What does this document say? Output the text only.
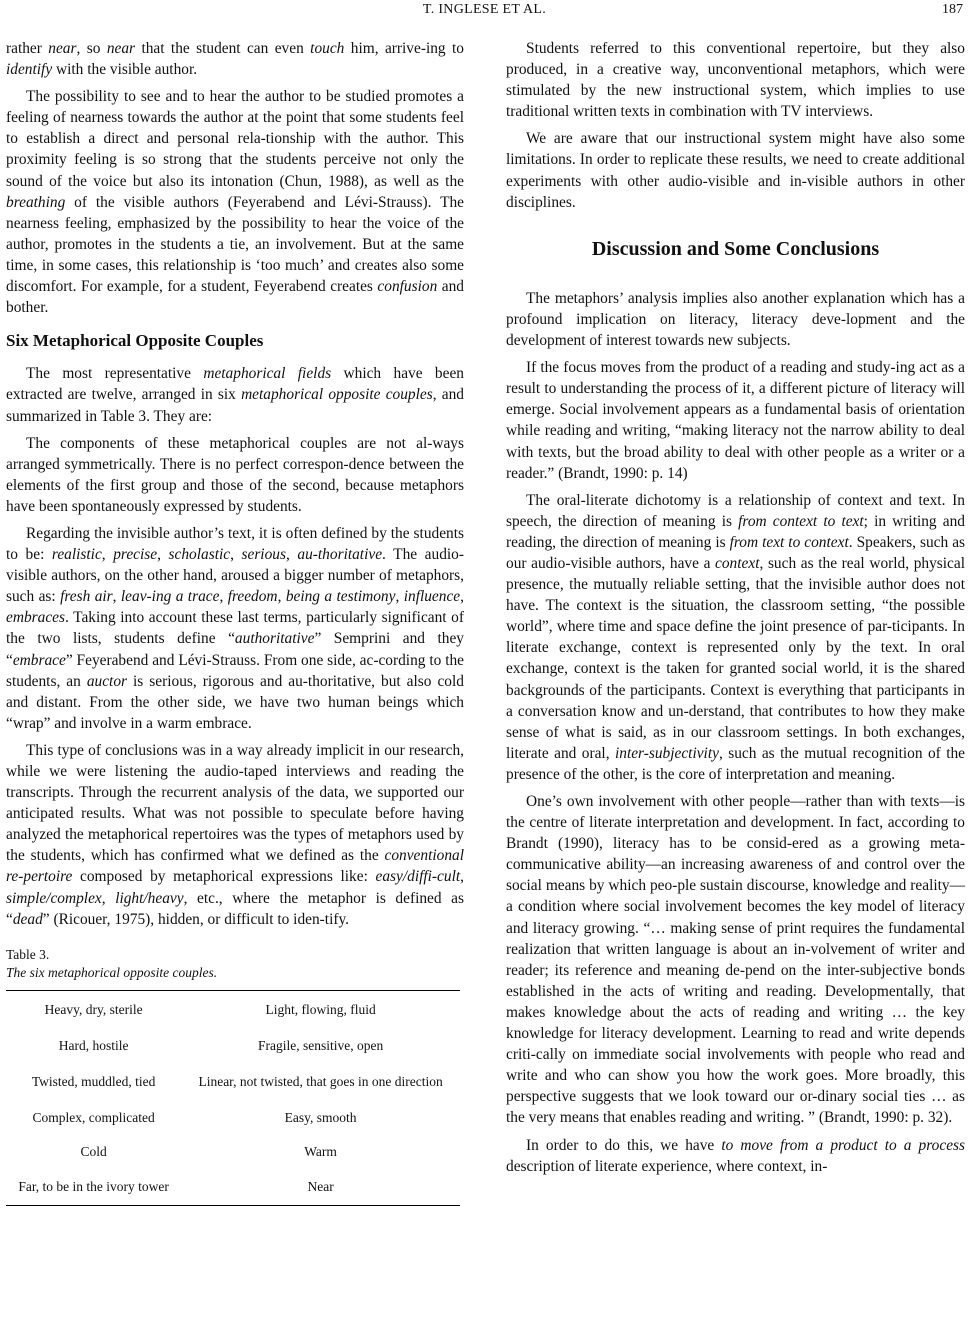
T. INGLESE ET AL.	187

rather near, so near that the student can even touch him, arrive-ing to identify with the visible author.

The possibility to see and to hear the author to be studied promotes a feeling of nearness towards the author at the point that some students feel to establish a direct and personal rela-tionship with the author. This proximity feeling is so strong that the students perceive not only the sound of the voice but also its intonation (Chun, 1988), as well as the breathing of the visible authors (Feyerabend and Lévi-Strauss). The nearness feeling, emphasized by the possibility to hear the voice of the author, promotes in the students a tie, an involvement. But at the same time, in some cases, this relationship is ‘too much’ and creates also some discomfort. For example, for a student, Feyerabend creates confusion and bother.

Six Metaphorical Opposite Couples

The most representative metaphorical fields which have been extracted are twelve, arranged in six metaphorical opposite couples, and summarized in Table 3. They are:

The components of these metaphorical couples are not al-ways arranged symmetrically. There is no perfect correspon-dence between the elements of the first group and those of the second, because metaphors have been spontaneously expressed by students.

Regarding the invisible author’s text, it is often defined by the students to be: realistic, precise, scholastic, serious, au-thoritative. The audio-visible authors, on the other hand, aroused a bigger number of metaphors, such as: fresh air, leav-ing a trace, freedom, being a testimony, influence, embraces. Taking into account these last terms, particularly significant of the two lists, students define “authoritative” Semprini and they “embrace” Feyerabend and Lévi-Strauss. From one side, ac-cording to the students, an auctor is serious, rigorous and au-thoritative, but also cold and distant. From the other side, we have two human beings which “wrap” and involve in a warm embrace.

This type of conclusions was in a way already implicit in our research, while we were listening the audio-taped interviews and reading the transcripts. Through the recurrent analysis of the data, we supported our anticipated results. What was not possible to speculate before having analyzed the metaphorical repertoires was the types of metaphors used by the students, which has confirmed what we defined as the conventional re-pertoire composed by metaphorical expressions like: easy/diffi-cult, simple/complex, light/heavy, etc., where the metaphor is defined as “dead” (Ricouer, 1975), hidden, or difficult to iden-tify.

Table 3.
The six metaphorical opposite couples.
Heavy, dry, sterile	Light, flowing, fluid
Hard, hostile	Fragile, sensitive, open
Twisted, muddled, tied	Linear, not twisted, that goes in one direction
Complex, complicated	Easy, smooth
Cold	Warm
Far, to be in the ivory tower	Near

Students referred to this conventional repertoire, but they also produced, in a creative way, unconventional metaphors, which were stimulated by the new instructional system, which implies to use traditional written texts in combination with TV interviews.

We are aware that our instructional system might have also some limitations. In order to replicate these results, we need to create additional experiments with other audio-visible and in-visible authors in other disciplines.

Discussion and Some Conclusions

The metaphors’ analysis implies also another explanation which has a profound implication on literacy, literacy deve-lopment and the development of interest towards new subjects.

If the focus moves from the product of a reading and study-ing act as a result to understanding the process of it, a different picture of literacy will emerge. Social involvement appears as a fundamental basis of orientation while reading and writing, “making literacy not the narrow ability to deal with texts, but the broad ability to deal with other people as a writer or a reader.” (Brandt, 1990: p. 14)

The oral-literate dichotomy is a relationship of context and text. In speech, the direction of meaning is from context to text; in writing and reading, the direction of meaning is from text to context. Speakers, such as our audio-visible authors, have a context, such as the real world, physical presence, the mutually reliable setting, that the invisible author does not have. The context is the situation, the classroom setting, “the possible world”, where time and space define the joint presence of par-ticipants. In literate exchange, context is represented only by the text. In oral exchange, context is the taken for granted social world, it is the shared backgrounds of the participants. Context is everything that participants in a conversation know and un-derstand, that contributes to how they make sense of what is said, as in our classroom settings. In both exchanges, literate and oral, inter-subjectivity, such as the mutual recognition of the presence of the other, is the core of interpretation and meaning.

One’s own involvement with other people—rather than with texts—is the centre of literate interpretation and development. In fact, according to Brandt (1990), literacy has to be consid-ered as a growing meta-communicative ability—an increasing awareness of and control over the social means by which peo-ple sustain discourse, knowledge and reality—a condition where social involvement becomes the key model of literacy and literacy growing. “… making sense of print requires the fundamental realization that written language is about an in-volvement of writer and reader; its reference and meaning de-pend on the inter-subjective bonds established in the acts of writing and reading. Developmentally, that makes knowledge about the acts of reading and writing … the key knowledge for literacy development. Learning to read and write depends criti-cally on immediate social involvements with people who read and write and who can show you how the work goes. More broadly, this perspective suggests that we look toward our or-dinary social ties … as the very means that enables reading and writing. ” (Brandt, 1990: p. 32).

In order to do this, we have to move from a product to a process description of literate experience, where context, in-
